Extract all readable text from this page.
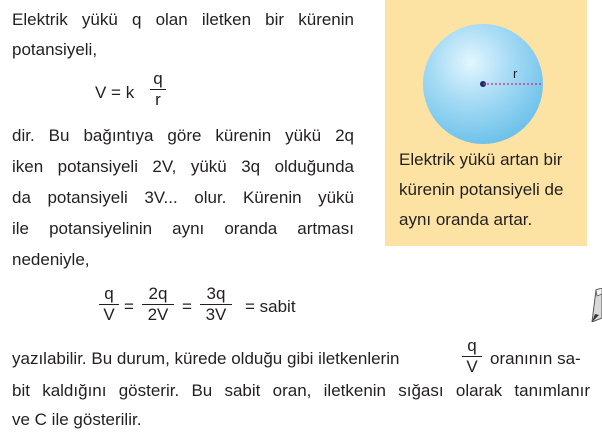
Elektrik yükü q olan iletken bir kürenin
potansiyeli,
V = k
q
r
dir. Bu bağıntıya göre kürenin yükü 2q
iken potansiyeli 2V, yükü 3q olduğunda
da potansiyeli 3V... olur. Kürenin yükü
ile potansiyelinin aynı oranda artması
nedeniyle,
q
V =
2q
2V =
3q
3V	= sabit
yazılabilir. Bu durum, kürede olduğu gibi iletkenlerin
q
V oranının sa-
bit kaldığını gösterir. Bu sabit oran, iletkenin sığası olarak tanımlanır
ve C ile gösterilir.
r
Elektrik yükü artan bir
kürenin potansiyeli de
aynı oranda artar.
